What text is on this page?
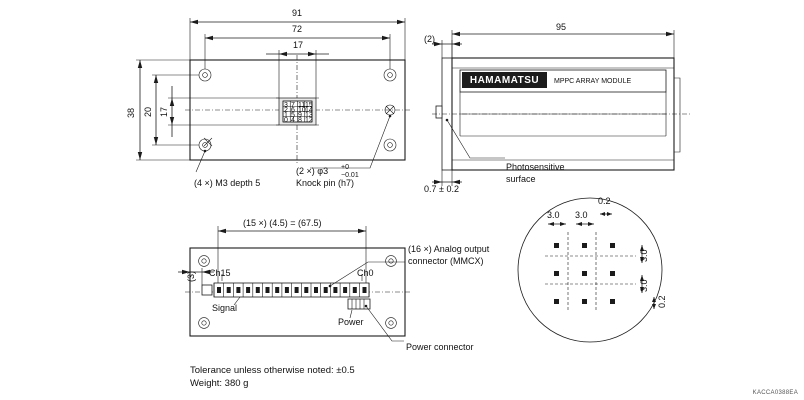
91
72
17
38 20 17
(4 ×) M3 depth 5
(2 ×) φ3 +0
−0.01
Knock pin (h7)
3 7 11 15
2 6 10 14
1 5 9 13
0 4 8 12
95
(2)
HAMAMATSU	MPPC ARRAY MODULE
Photosensitive
surface
0.7 ± 0.2
(15 ×) (4.5) = (67.5)
(3) Ch15	Ch0
Signal
Power
(16 ×) Analog output
connector (MMCX)
Power connector
0.2
3.0 3.0
3.0
3.0
0.2
Tolerance unless otherwise noted: ±0.5
Weight: 380 g
KACCA0388EA
